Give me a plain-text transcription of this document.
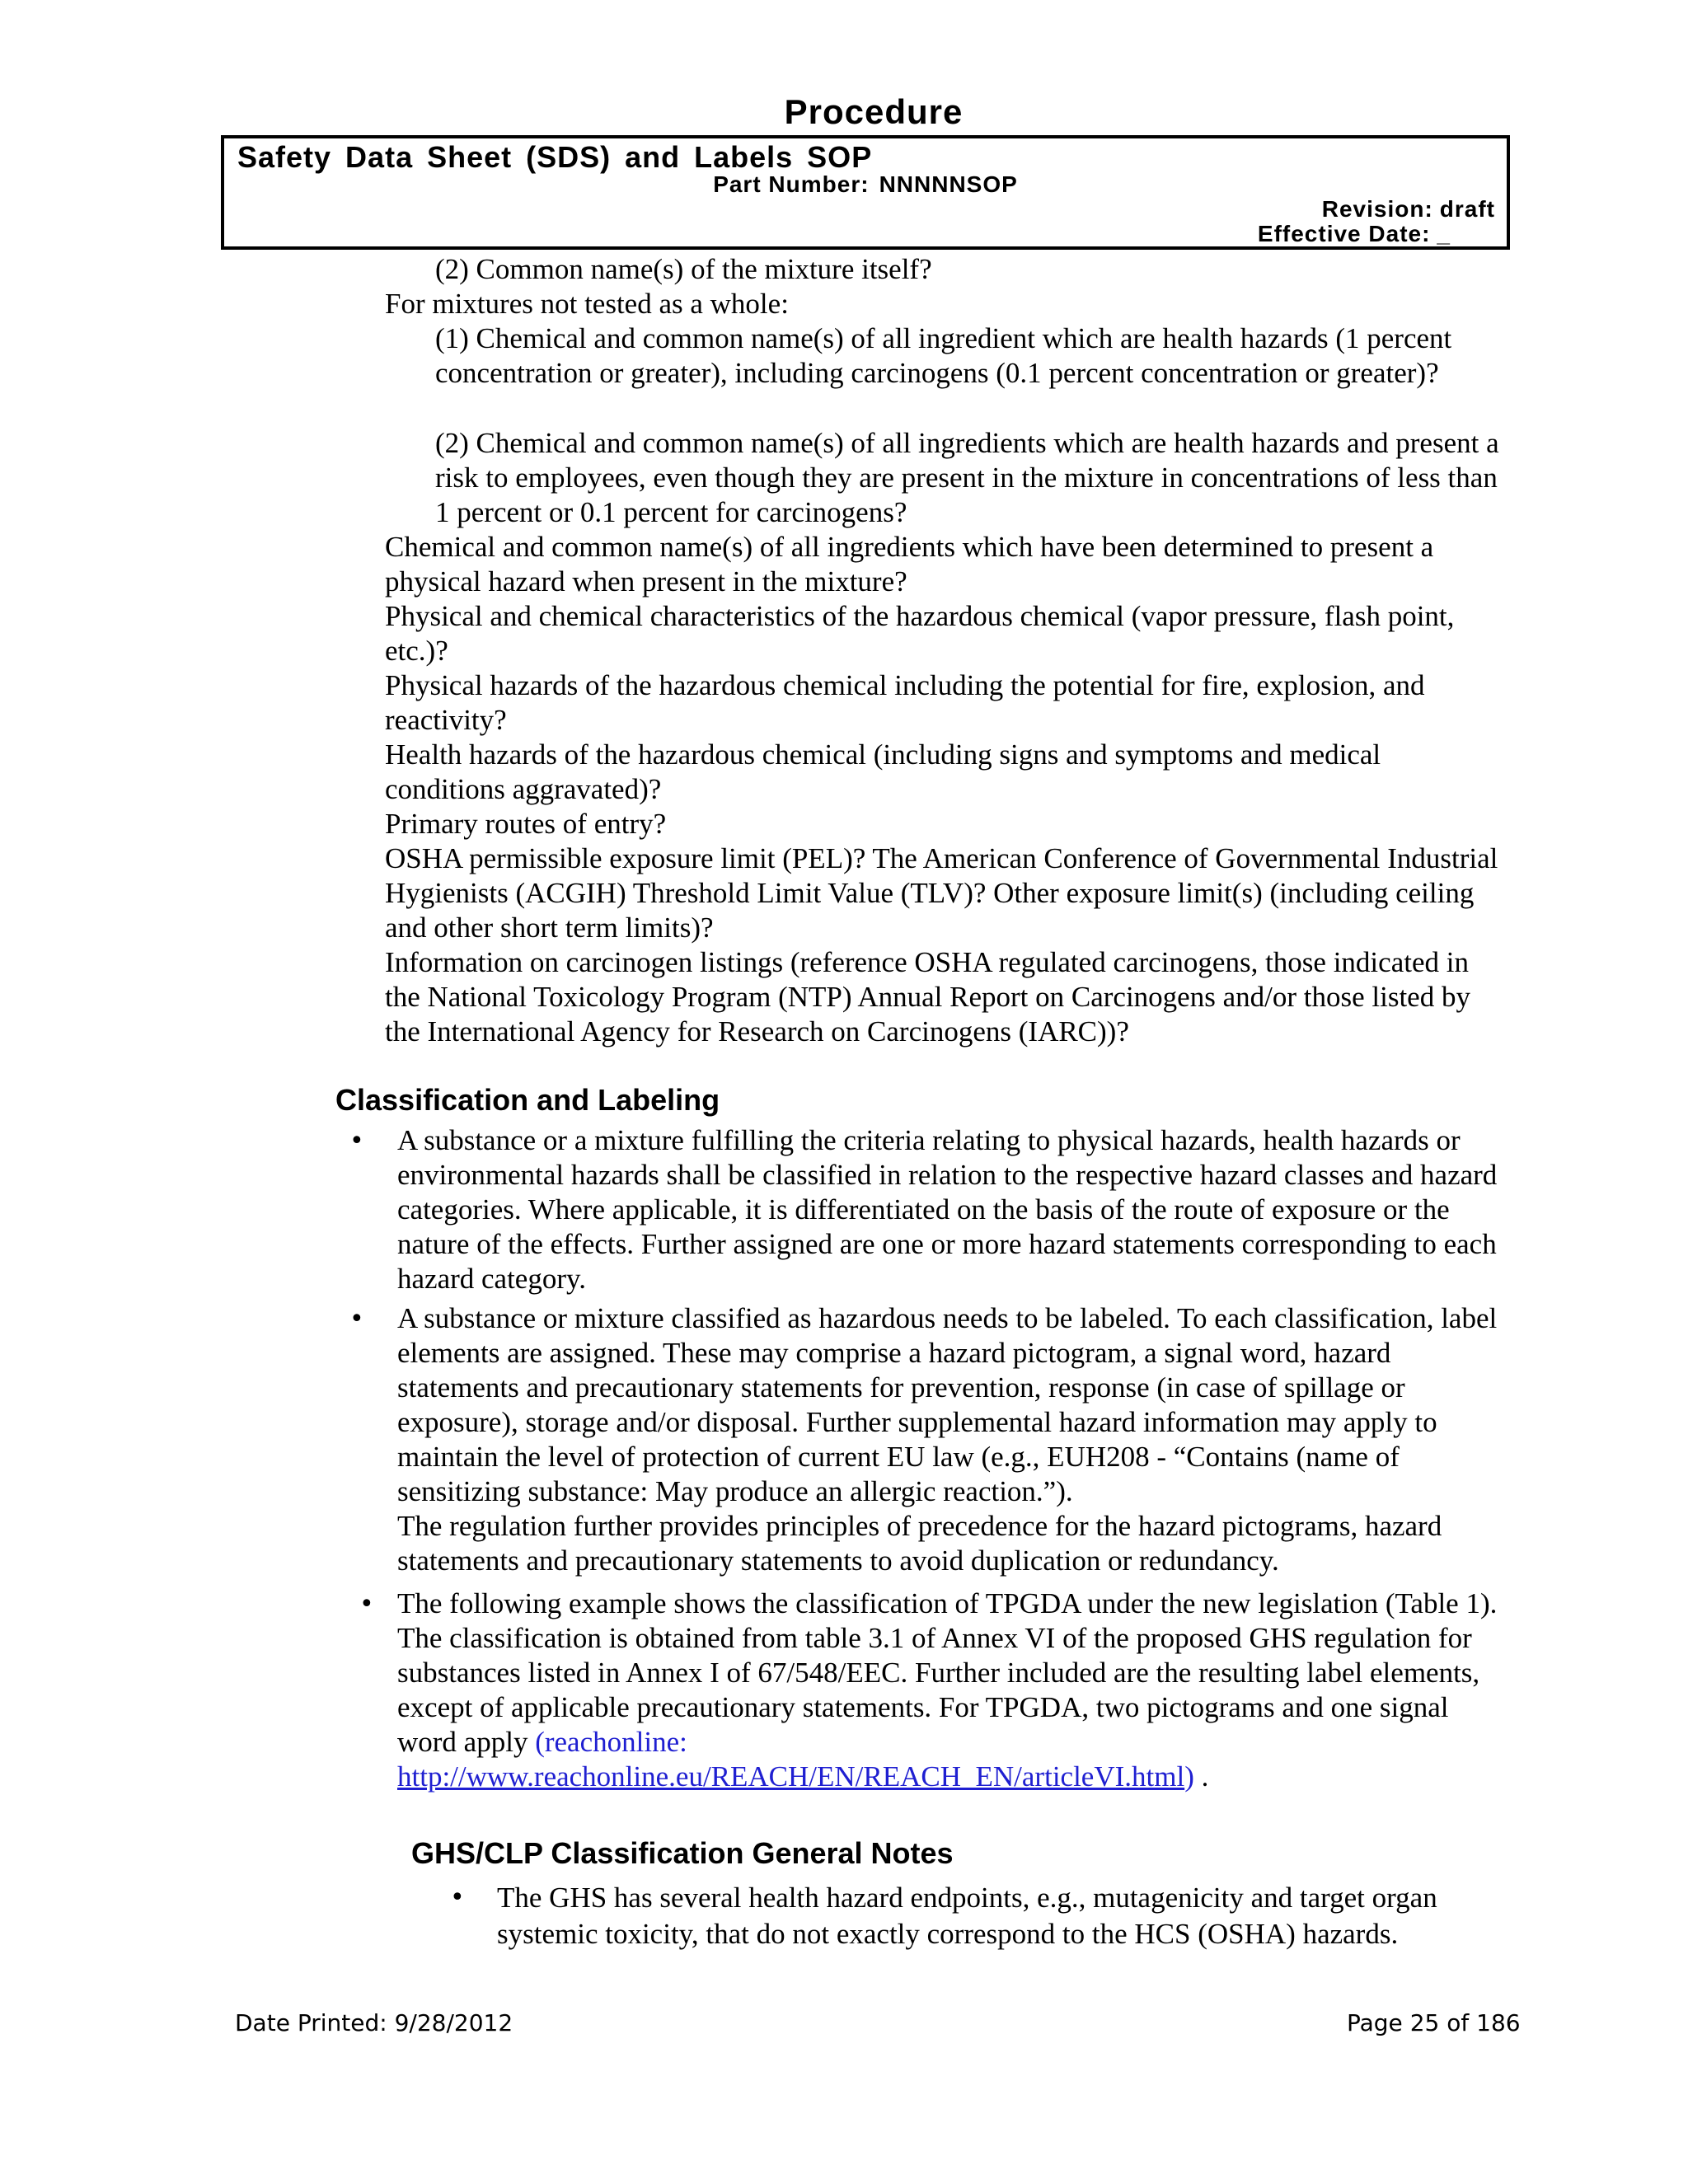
Procedure
Safety Data Sheet (SDS) and Labels SOP
Part Number: NNNNNSOP
Revision: draft
Effective Date: _
(2) Common name(s) of the mixture itself?
For mixtures not tested as a whole:
(1) Chemical and common name(s) of all ingredient which are health hazards (1 percent concentration or greater), including carcinogens (0.1 percent concentration or greater)?
(2) Chemical and common name(s) of all ingredients which are health hazards and present a risk to employees, even though they are present in the mixture in concentrations of less than 1 percent or 0.1 percent for carcinogens?

Chemical and common name(s) of all ingredients which have been determined to present a physical hazard when present in the mixture?

Physical and chemical characteristics of the hazardous chemical (vapor pressure, flash point, etc.)?

Physical hazards of the hazardous chemical including the potential for fire, explosion, and reactivity?

Health hazards of the hazardous chemical (including signs and symptoms and medical conditions aggravated)?

Primary routes of entry?

OSHA permissible exposure limit (PEL)? The American Conference of Governmental Industrial Hygienists (ACGIH) Threshold Limit Value (TLV)? Other exposure limit(s) (including ceiling and other short term limits)?

Information on carcinogen listings (reference OSHA regulated carcinogens, those indicated in the National Toxicology Program (NTP) Annual Report on Carcinogens and/or those listed by the International Agency for Research on Carcinogens (IARC))?

Classification and Labeling
• A substance or a mixture fulfilling the criteria relating to physical hazards, health hazards or environmental hazards shall be classified in relation to the respective hazard classes and hazard categories. Where applicable, it is differentiated on the basis of the route of exposure or the nature of the effects. Further assigned are one or more hazard statements corresponding to each hazard category.
• A substance or mixture classified as hazardous needs to be labeled. To each classification, label elements are assigned. These may comprise a hazard pictogram, a signal word, hazard statements and precautionary statements for prevention, response (in case of spillage or exposure), storage and/or disposal. Further supplemental hazard information may apply to maintain the level of protection of current EU law (e.g., EUH208 - “Contains (name of sensitizing substance: May produce an allergic reaction.”).

The regulation further provides principles of precedence for the hazard pictograms, hazard statements and precautionary statements to avoid duplication or redundancy.

• The following example shows the classification of TPGDA under the new legislation (Table 1). The classification is obtained from table 3.1 of Annex VI of the proposed GHS regulation for substances listed in Annex I of 67/548/EEC. Further included are the resulting label elements, except of applicable precautionary statements. For TPGDA, two pictograms and one signal word apply (reachonline:
http://www.reachonline.eu/REACH/EN/REACH_EN/articleVI.html) .
GHS/CLP Classification General Notes
• The GHS has several health hazard endpoints, e.g., mutagenicity and target organ systemic toxicity, that do not exactly correspond to the HCS (OSHA) hazards.
Date Printed: 9/28/2012	Page 25 of 186
